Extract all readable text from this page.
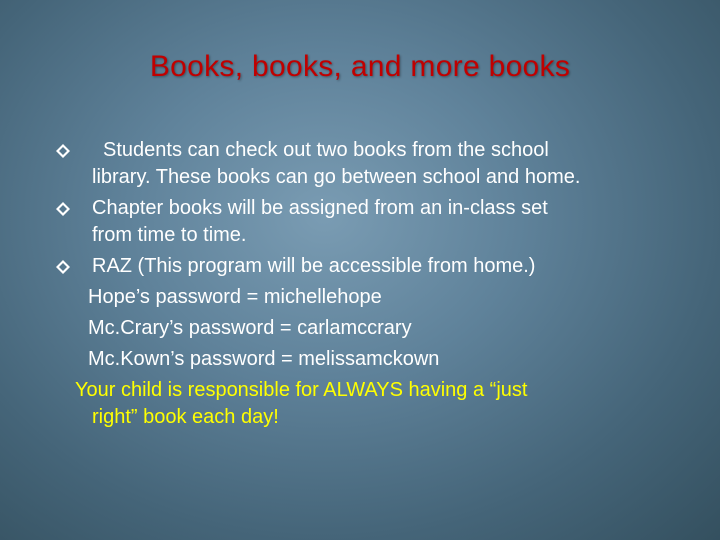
Books, books, and more books
Students can check out two books from the school
library. These books can go between school and home.
Chapter books will be assigned from an in-class set
from time to time.
RAZ (This program will be accessible from home.)
Hope’s password = michellehope
Mc.Crary’s password = carlamccrary
Mc.Kown’s password = melissamckown
Your child is responsible for ALWAYS having a “just
right” book each day!
